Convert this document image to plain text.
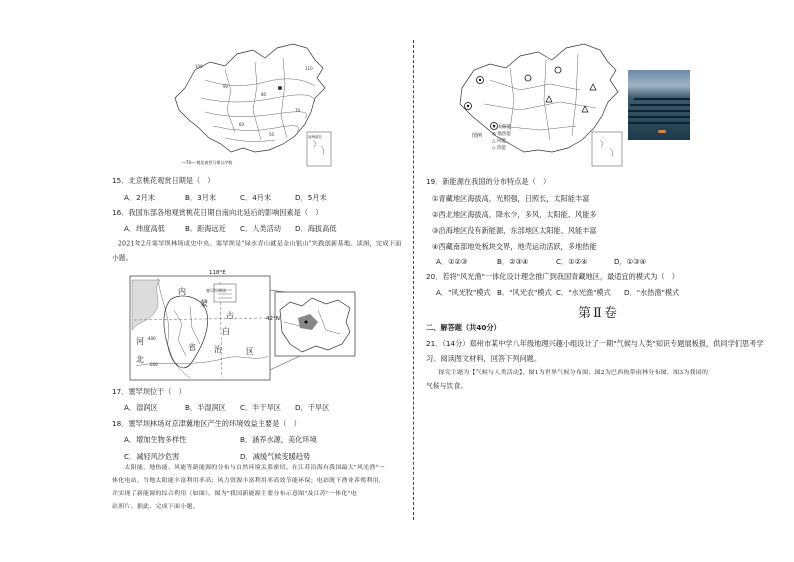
100
90
80
70
60
50
110
南海诸岛
—70— 桃花观赏日期日序数
15．北京桃花观赏日期是（　）
A．2月末	B．3月末	C．4月末	D．5月末
16．我国东部各地观赏桃花日期自南向北延后的影响因素是（　）
A．纬度高低	B．距海远近 C．人类活动 D．海拔高低
2021年2月塞罕坝林场成史中央。塞罕坝是"绿水青山就是金山银山"实践创新基地。读图，完成下面
小题。
118°E
42°N
内
蒙
古
白
河
北
省 治	区
塞罕坝林场
400
600
17．塞罕坝位于（　）
A．湿润区	B．半湿润区 C．半干旱区 D．干旱区
18．塞罕坝林场对京津冀地区产生的环境效益主要是（　）
A．增加生物多样性	B．涵养水源，美化环境
C．减轻风沙危害	D．减缓气候变暖趋势
　　太阳能、地热能、风能等新能源的分布与自然环境关系密切。在江苏沿海有我国最大"风光渔"一
体化电站，当地太阳能丰富利用率高；风力资源丰富利用率高效节能环保；电站既下渔业养殖利用，
并实现了新能源的综合利用（如图）。图为"我国新能源主要分布示意图"及江苏"一体化"电
站照片。据此，完成下面小题。
图例
☼ 太阳能
◎ 地热能
△ 风能
◇ 热能
19．新能源在我国的分布特点是（　）
①青藏地区海拔高，光照强，日照长，太阳能丰富
②西北地区海拔高，降水少，多风，太阳能、风能多
③沿海地区没有新能源，东部地区太阳能、风能丰富
④西藏南部地处板块交界，地壳运动活跃，多地热能
A．①②③	B．②③④	C．①②④	D．①③④
20．若将"风光渔"一体化设计理念推广到我国青藏地区，最适宜的模式为（　）
A．"风光牧"模式 B．"风光农"模式 C．"水光渔"模式 D．"水热渔"模式
第Ⅱ卷
二、解答题（共40分）
21．（14分）郑州市某中学八年级地理兴趣小组设计了一期"气候与人类"知识专题展板报，供同学们思考学
习。阅读图文材料，回答下列问题。
　　探究主题为【气候与人类活动】，图1为世界气候分布图，图2为巴西热带雨林分布图，图3为我国的
气候与饮食。
